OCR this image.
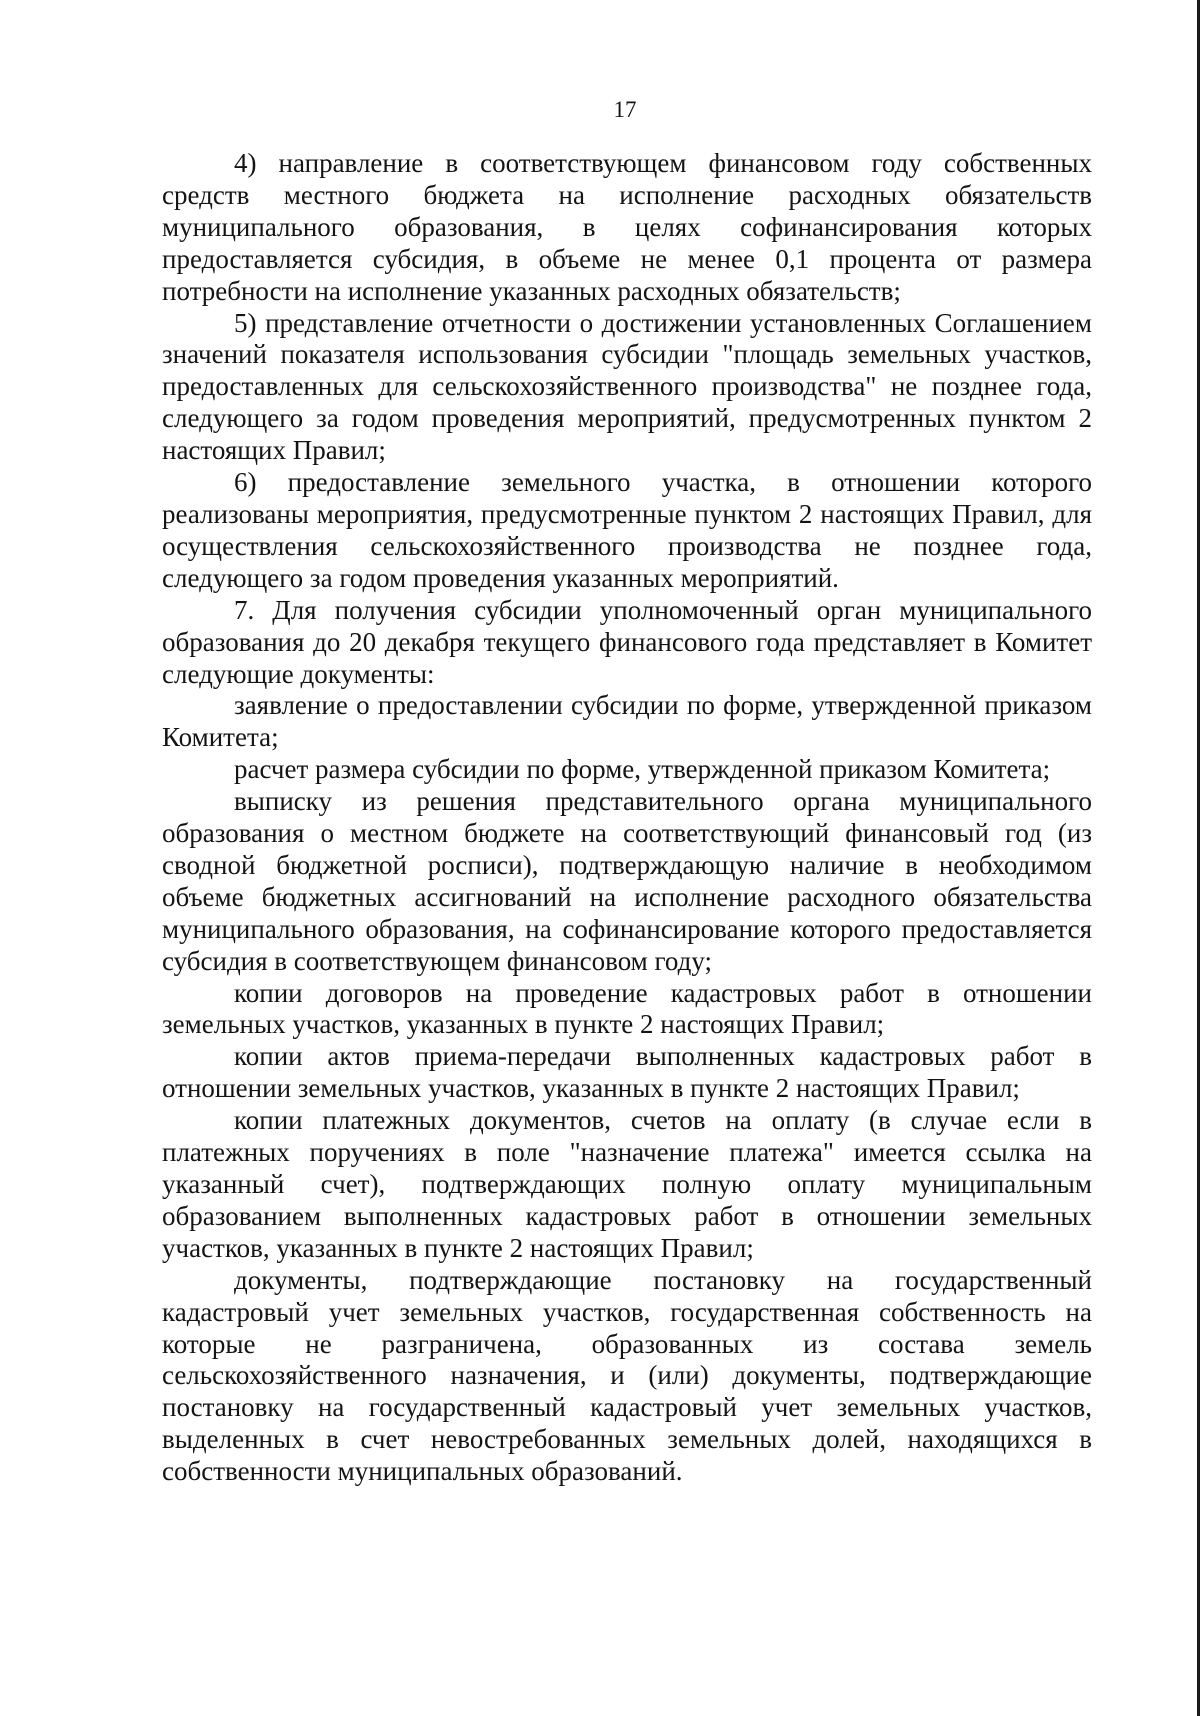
17

4) направление в соответствующем финансовом году собственных средств местного бюджета на исполнение расходных обязательств муниципального образования, в целях софинансирования которых предоставляется субсидия, в объеме не менее 0,1 процента от размера потребности на исполнение указанных расходных обязательств;

5) представление отчетности о достижении установленных Соглашением значений показателя использования субсидии "площадь земельных участков, предоставленных для сельскохозяйственного производства" не позднее года, следующего за годом проведения мероприятий, предусмотренных пунктом 2 настоящих Правил;

6) предоставление земельного участка, в отношении которого реализованы мероприятия, предусмотренные пунктом 2 настоящих Правил, для осуществления сельскохозяйственного производства не позднее года, следующего за годом проведения указанных мероприятий.

7. Для получения субсидии уполномоченный орган муниципального образования до 20 декабря текущего финансового года представляет в Комитет следующие документы:

заявление о предоставлении субсидии по форме, утвержденной приказом Комитета;

расчет размера субсидии по форме, утвержденной приказом Комитета;

выписку из решения представительного органа муниципального образования о местном бюджете на соответствующий финансовый год (из сводной бюджетной росписи), подтверждающую наличие в необходимом объеме бюджетных ассигнований на исполнение расходного обязательства муниципального образования, на софинансирование которого предоставляется субсидия в соответствующем финансовом году;

копии договоров на проведение кадастровых работ в отношении земельных участков, указанных в пункте 2 настоящих Правил;

копии актов приема-передачи выполненных кадастровых работ в отношении земельных участков, указанных в пункте 2 настоящих Правил;

копии платежных документов, счетов на оплату (в случае если в платежных поручениях в поле "назначение платежа" имеется ссылка на указанный счет), подтверждающих полную оплату муниципальным образованием выполненных кадастровых работ в отношении земельных участков, указанных в пункте 2 настоящих Правил;

документы, подтверждающие постановку на государственный кадастровый учет земельных участков, государственная собственность на которые не разграничена, образованных из состава земель сельскохозяйственного назначения, и (или) документы, подтверждающие постановку на государственный кадастровый учет земельных участков, выделенных в счет невостребованных земельных долей, находящихся в собственности муниципальных образований.
